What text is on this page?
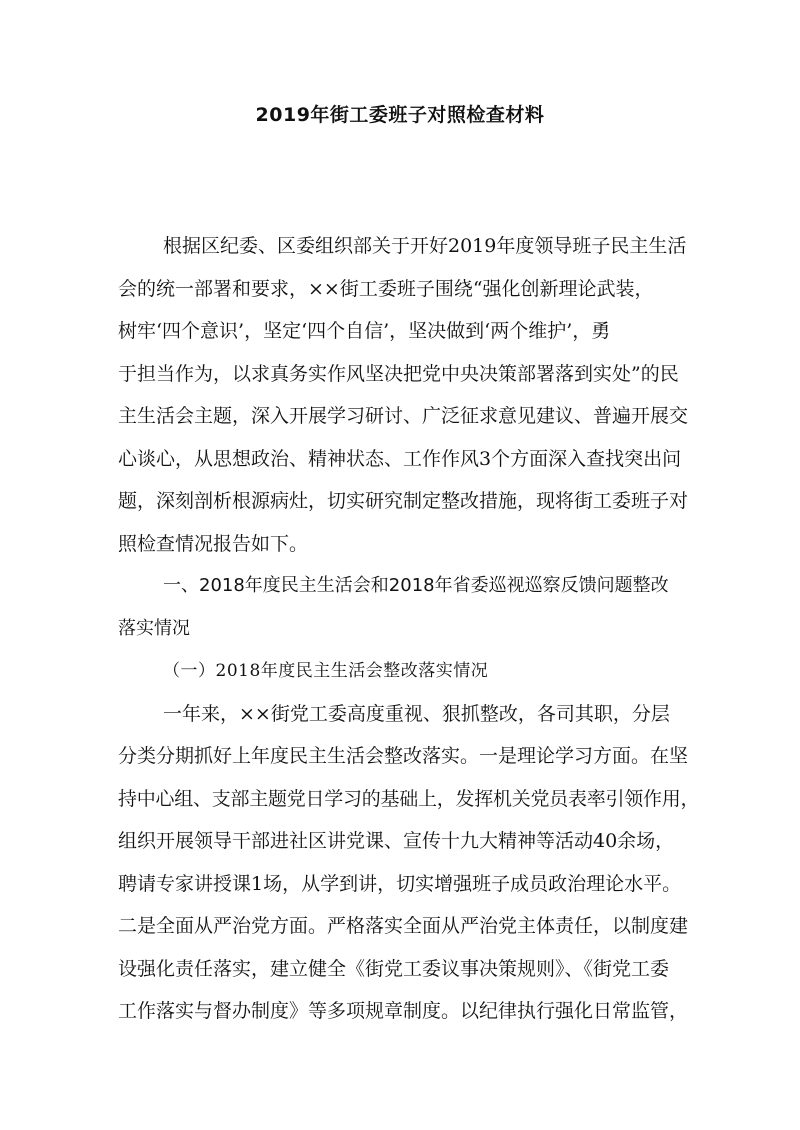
2019年街工委班子对照检查材料
根据区纪委、区委组织部关于开好2019年度领导班子民主生活
会的统一部署和要求，××街工委班子围绕“强化创新理论武装，
树牢‘四个意识’，坚定‘四个自信’，坚决做到‘两个维护’，勇
于担当作为，以求真务实作风坚决把党中央决策部署落到实处”的民
主生活会主题，深入开展学习研讨、广泛征求意见建议、普遍开展交
心谈心，从思想政治、精神状态、工作作风3个方面深入查找突出问
题，深刻剖析根源病灶，切实研究制定整改措施，现将街工委班子对
照检查情况报告如下。
一、2018年度民主生活会和2018年省委巡视巡察反馈问题整改
落实情况
（一）2018年度民主生活会整改落实情况
一年来，××街党工委高度重视、狠抓整改，各司其职，分层
分类分期抓好上年度民主生活会整改落实。一是理论学习方面。在坚
持中心组、支部主题党日学习的基础上，发挥机关党员表率引领作用，
组织开展领导干部进社区讲党课、宣传十九大精神等活动40余场，
聘请专家讲授课1场，从学到讲，切实增强班子成员政治理论水平。
二是全面从严治党方面。严格落实全面从严治党主体责任，以制度建
设强化责任落实，建立健全《街党工委议事决策规则》、《街党工委
工作落实与督办制度》等多项规章制度。以纪律执行强化日常监管，
